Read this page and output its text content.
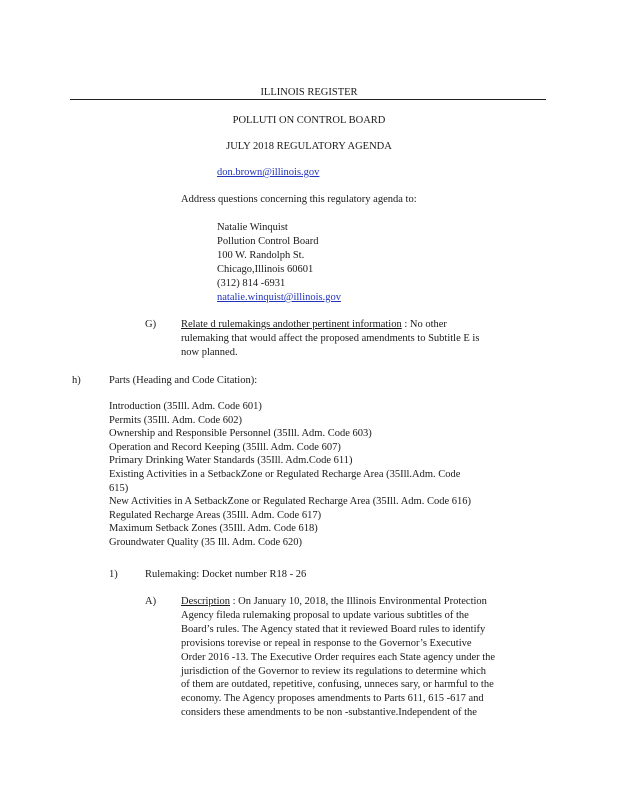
ILLINOIS REGISTER
POLLUTI ON CONTROL BOARD
JULY 2018 REGULATORY AGENDA
don.brown@illinois.gov
Address questions concerning this regulatory agenda to:
Natalie Winquist
Pollution Control Board
100 W. Randolph St.
Chicago,Illinois 60601
(312) 814 -6931
natalie.winquist@illinois.gov
G) Relate d rulemakings andother pertinent information : No other
rulemaking that would affect the proposed amendments to Subtitle E is
now planned.
h)	Parts (Heading and Code Citation):
Introduction (35Ill. Adm. Code 601)
Permits (35Ill. Adm. Code 602)
Ownership and Responsible Personnel (35Ill. Adm. Code 603)
Operation and Record Keeping (35Ill. Adm. Code 607)
Primary Drinking Water Standards (35Ill. Adm.Code 611)
Existing Activities in a SetbackZone or Regulated Recharge Area (35Ill.Adm. Code
615)
New Activities in A SetbackZone or Regulated Recharge Area (35Ill. Adm. Code 616)
Regulated Recharge Areas (35Ill. Adm. Code 617)
Maximum Setback Zones (35Ill. Adm. Code 618)
Groundwater Quality (35 Ill. Adm. Code 620)
1)	Rulemaking: Docket number R18 - 26
A) Description : On January 10, 2018, the Illinois Environmental Protection
Agency fileda rulemaking proposal to update various subtitles of the
Board’s rules. The Agency stated that it reviewed Board rules to identify
provisions torevise or repeal in response to the Governor’s Executive
Order 2016 -13. The Executive Order requires each State agency under the
jurisdiction of the Governor to review its regulations to determine which
of them are outdated, repetitive, confusing, unneces sary, or harmful to the
economy. The Agency proposes amendments to Parts 611, 615 -617 and
considers these amendments to be non -substantive.Independent of the
